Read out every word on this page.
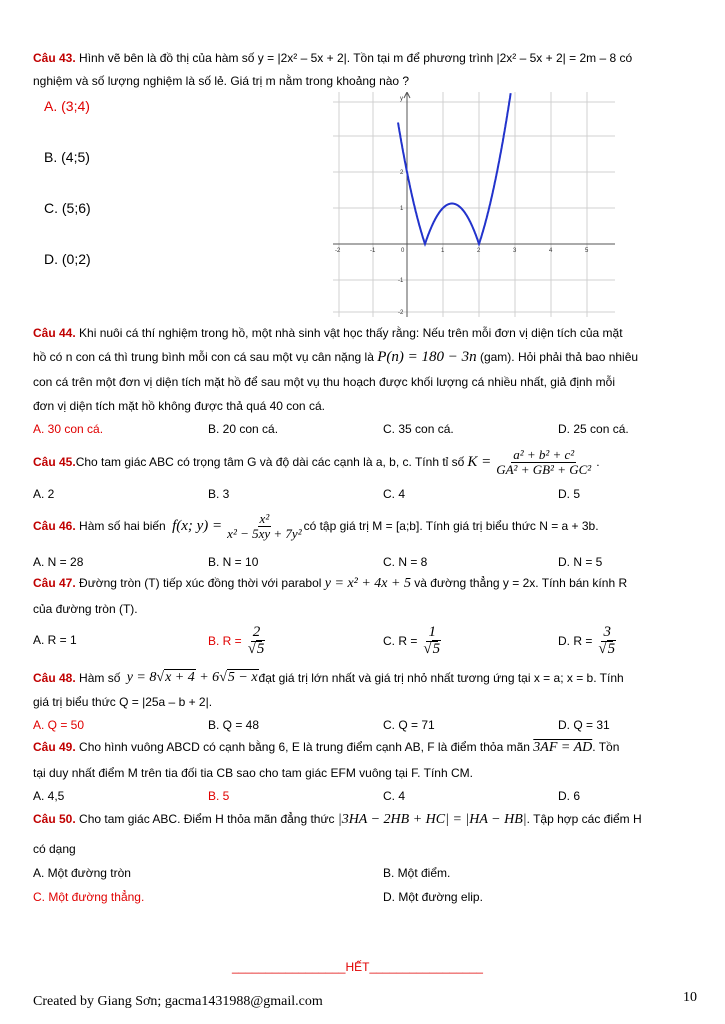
Câu 43. Hình vẽ bên là đồ thị của hàm số y = |2x² – 5x + 2|. Tồn tại m để phương trình |2x² – 5x + 2| = 2m – 8 có
nghiệm và số lượng nghiệm là số lẻ. Giá trị m nằm trong khoảng nào ?
A. (3;4)
B. (4;5)
C. (5;6)
D. (0;2)	-2	-1	0	1	2	3	4	5
2
1
-1
-2
y
Câu 44. Khi nuôi cá thí nghiệm trong hồ, một nhà sinh vật học thấy rằng: Nếu trên mỗi đơn vị diện tích của mặt
hồ có n con cá thì trung bình mỗi con cá sau một vụ cân nặng là P(n) = 180 − 3n (gam). Hỏi phải thả bao nhiêu
con cá trên một đơn vị diện tích mặt hồ để sau một vụ thu hoạch được khối lượng cá nhiều nhất, giả định mỗi
đơn vị diện tích mặt hồ không được thả quá 40 con cá.
A. 30 con cá.	B. 20 con cá.	C. 35 con cá.	D. 25 con cá.
Câu 45. Cho tam giác ABC có trọng tâm G và độ dài các cạnh là a, b, c. Tính tỉ số $K = \frac{\text{a² + b² + c²}}{\text{GA² + GB² + GC²}}$ .
A. 2	B. 3	C. 4	D. 5
Câu 46. Hàm số hai biến f(x; $y) = \frac{\text{x²}}{\text{x² − 5xy + 7y²}}$ có tập giá trị M = [a;b]. Tính giá trị biểu thức N = a + 3b.
A. N = 28	B. N = 10	C. N = 8	D. N = 5
Câu 47. Đường tròn (T) tiếp xúc đồng thời với parabol y = x² + 4x + 5 và đường thẳng y = 2x. Tính bán kính R
của đường tròn (T).
A. R = 1	B. $R = \frac{2}{√5}$	C. $R = \frac{1}{√5}$	D. $R = \frac{3}{√5}$
Câu 48. Hàm số y = 8√x + 4 + 6√5 − x đạt giá trị lớn nhất và giá trị nhỏ nhất tương ứng tại x = a; x = b. Tính
giá trị biểu thức Q = |25a – b + 2|.
A. Q = 50	B. Q = 48	C. Q = 71	D. Q = 31
Câu 49. Cho hình vuông ABCD có cạnh bằng 6, E là trung điểm cạnh AB, F là điểm thỏa mãn 3AF = AD. Tồn
tại duy nhất điểm M trên tia đối tia CB sao cho tam giác EFM vuông tại F. Tính CM.
A. 4,5	B. 5	C. 4	D. 6
Câu 50. Cho tam giác ABC. Điểm H thỏa mãn đẳng thức |3HA − 2HB + HC| = |HA − HB|. Tập hợp các điểm H
có dạng
A. Một đường tròn	B. Một điểm.
C. Một đường thẳng.	D. Một đường elip.
_________________HẾT_________________
Created by Giang Sơn; gacma1431988@gmail.com	10
